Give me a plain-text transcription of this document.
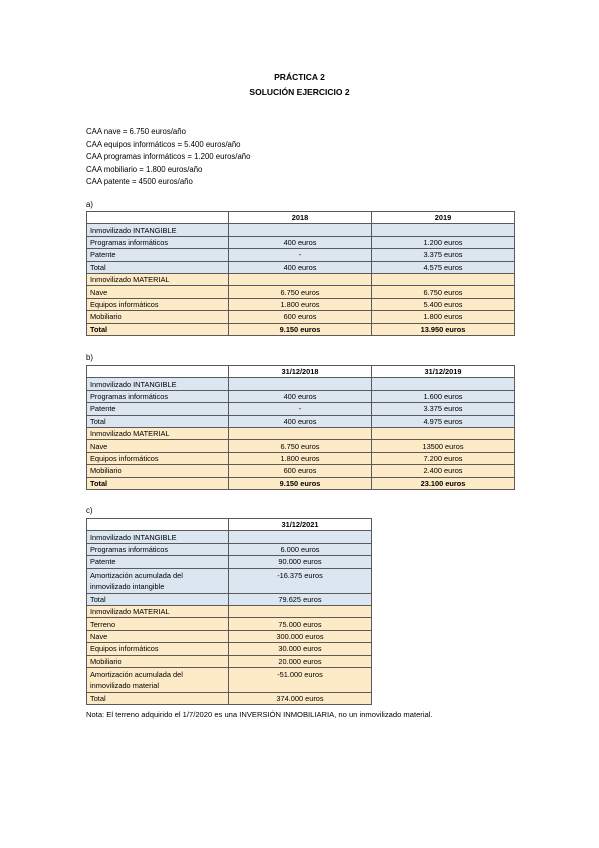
PRÁCTICA 2
SOLUCIÓN EJERCICIO 2
CAA nave = 6.750 euros/año
CAA equipos informáticos = 5.400 euros/año
CAA programas informáticos = 1.200 euros/año
CAA mobiliario = 1.800 euros/año
CAA patente = 4500 euros/año
a)
	2018	2019
Inmovilizado INTANGIBLE		
Programas informáticos	400 euros	1.200 euros
Patente	-	3.375 euros
Total	400 euros	4.575 euros
Inmovilizado MATERIAL		
Nave	6.750 euros	6.750 euros
Equipos informáticos	1.800 euros	5.400 euros
Mobiliario	600 euros	1.800 euros
Total	9.150 euros	13.950 euros
b)
	31/12/2018	31/12/2019
Inmovilizado INTANGIBLE		
Programas informáticos	400 euros	1.600 euros
Patente	-	3.375 euros
Total	400 euros	4.975 euros
Inmovilizado MATERIAL		
Nave	6.750 euros	13500 euros
Equipos informáticos	1.800 euros	7.200 euros
Mobiliario	600 euros	2.400 euros
Total	9.150 euros	23.100 euros
c)
	31/12/2021
Inmovilizado INTANGIBLE	
Programas informáticos	6.000 euros
Patente	90.000 euros
Amortización acumulada del inmovilizado intangible	-16.375 euros
Total	79.625 euros
Inmovilizado MATERIAL	
Terreno	75.000 euros
Nave	300.000 euros
Equipos informáticos	30.000 euros
Mobiliario	20.000 euros
Amortización acumulada del inmovilizado material	-51.000 euros
Total	374.000 euros
Nota: El terreno adquirido el 1/7/2020 es una INVERSIÓN INMOBILIARIA, no un inmovilizado material.
